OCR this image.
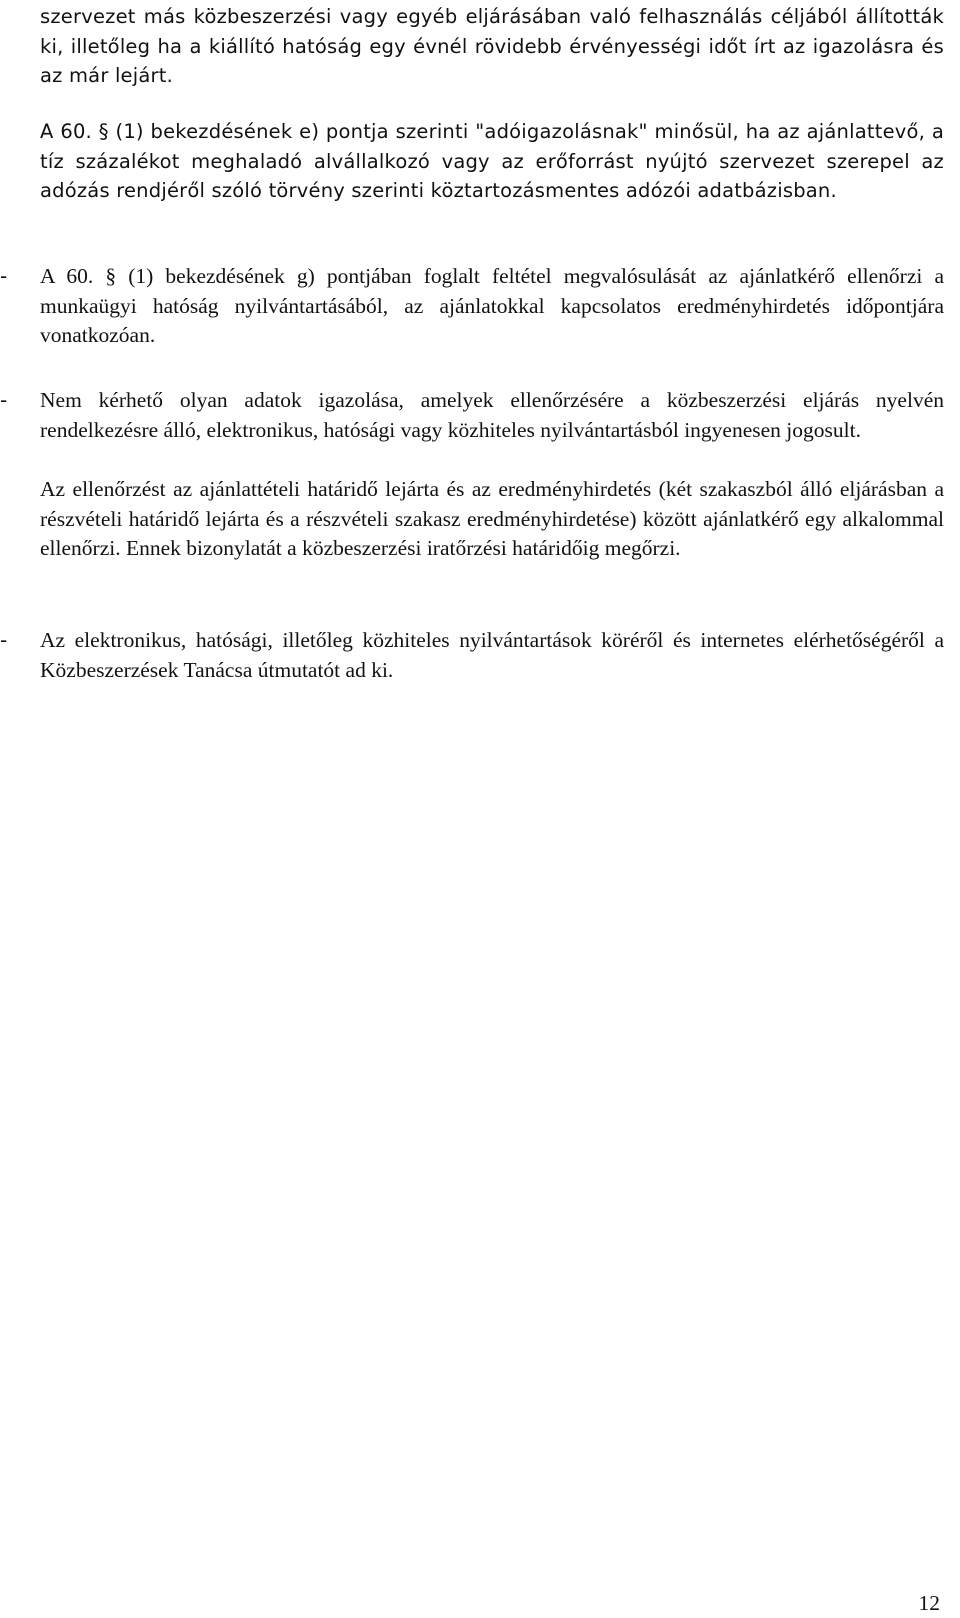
szervezet más közbeszerzési vagy egyéb eljárásában való felhasználás céljából állították ki, illetőleg ha a kiállító hatóság egy évnél rövidebb érvényességi időt írt az igazolásra és az már lejárt.

A 60. § (1) bekezdésének e) pontja szerinti "adóigazolásnak" minősül, ha az ajánlattevő, a tíz százalékot meghaladó alvállalkozó vagy az erőforrást nyújtó szervezet szerepel az adózás rendjéről szóló törvény szerinti köztartozásmentes adózói adatbázisban.

-	A 60. § (1) bekezdésének g) pontjában foglalt feltétel megvalósulását az ajánlatkérő ellenőrzi a munkaügyi hatóság nyilvántartásából, az ajánlatokkal kapcsolatos eredményhirdetés időpontjára vonatkozóan.

-	Nem kérhető olyan adatok igazolása, amelyek ellenőrzésére a közbeszerzési eljárás nyelvén rendelkezésre álló, elektronikus, hatósági vagy közhiteles nyilvántartásból ingyenesen jogosult.

Az ellenőrzést az ajánlattételi határidő lejárta és az eredményhirdetés (két szakaszból álló eljárásban a részvételi határidő lejárta és a részvételi szakasz eredményhirdetése) között ajánlatkérő egy alkalommal ellenőrzi. Ennek bizonylatát a közbeszerzési iratőrzési határidőig megőrzi.

-	Az elektronikus, hatósági, illetőleg közhiteles nyilvántartások köréről és internetes elérhetőségéről a Közbeszerzések Tanácsa útmutatót ad ki.

12
